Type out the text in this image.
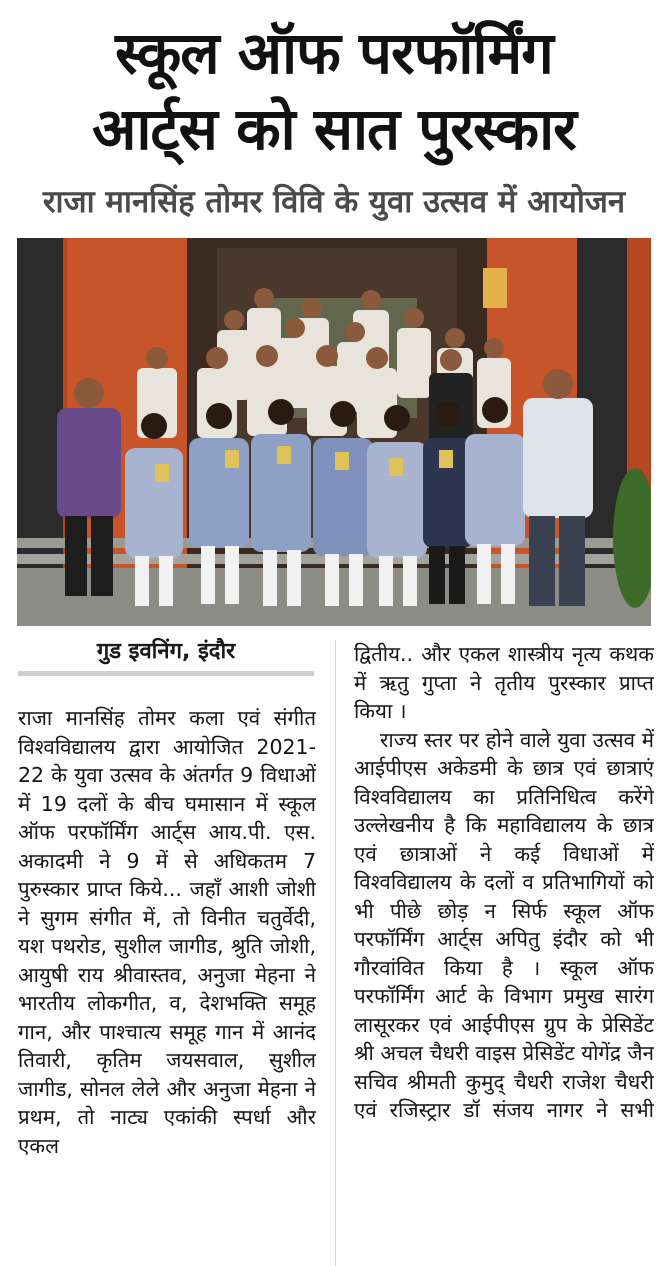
स्कूल ऑफ परफॉर्मिंग
आर्ट्स को सात पुरस्कार
राजा मानसिंह तोमर विवि के युवा उत्सव में आयोजन
गुड इवनिंग, इंदौर

राजा मानसिंह तोमर कला एवं संगीत विश्वविद्यालय द्वारा आयोजित 2021-22 के युवा उत्सव के अंतर्गत 9 विधाओं में 19 दलों के बीच घमासान में स्कूल ऑफ परफॉर्मिंग आर्ट्स आय.पी. एस. अकादमी ने 9 में से अधिकतम 7 पुरुस्कार प्राप्त किये... जहाँ आशी जोशी ने सुगम संगीत में, तो विनीत चतुर्वेदी, यश पथरोड, सुशील जागीड, श्रुति जोशी, आयुषी राय श्रीवास्तव, अनुजा मेहना ने भारतीय लोकगीत, व, देशभक्ति समूह गान, और पाश्चात्य समूह गान में आनंद तिवारी, कृतिम जयसवाल, सुशील जागीड, सोनल लेले और अनुजा मेहना ने प्रथम, तो नाट्य एकांकी स्पर्धा और एकल

द्वितीय.. और एकल शास्त्रीय नृत्य कथक में ऋतु गुप्ता ने तृतीय पुरस्कार प्राप्त किया ।

राज्य स्तर पर होने वाले युवा उत्सव में आईपीएस अकेडमी के छात्र एवं छात्राएं विश्वविद्यालय का प्रतिनिधित्व करेंगे उल्लेखनीय है कि महाविद्यालय के छात्र एवं छात्राओं ने कई विधाओं में विश्वविद्यालय के दलों व प्रतिभागियों को भी पीछे छोड़ न सिर्फ स्कूल ऑफ परफॉर्मिंग आर्ट्स अपितु इंदौर को भी गौरवांवित किया है । स्कूल ऑफ परफॉर्मिंग आर्ट के विभाग प्रमुख सारंग लासूरकर एवं आईपीएस ग्रुप के प्रेसिडेंट श्री अचल चैधरी वाइस प्रेसिडेंट योगेंद्र जैन सचिव श्रीमती कुमुद् चैधरी राजेश चैधरी एवं रजिस्ट्रार डॉ संजय नागर ने सभी
